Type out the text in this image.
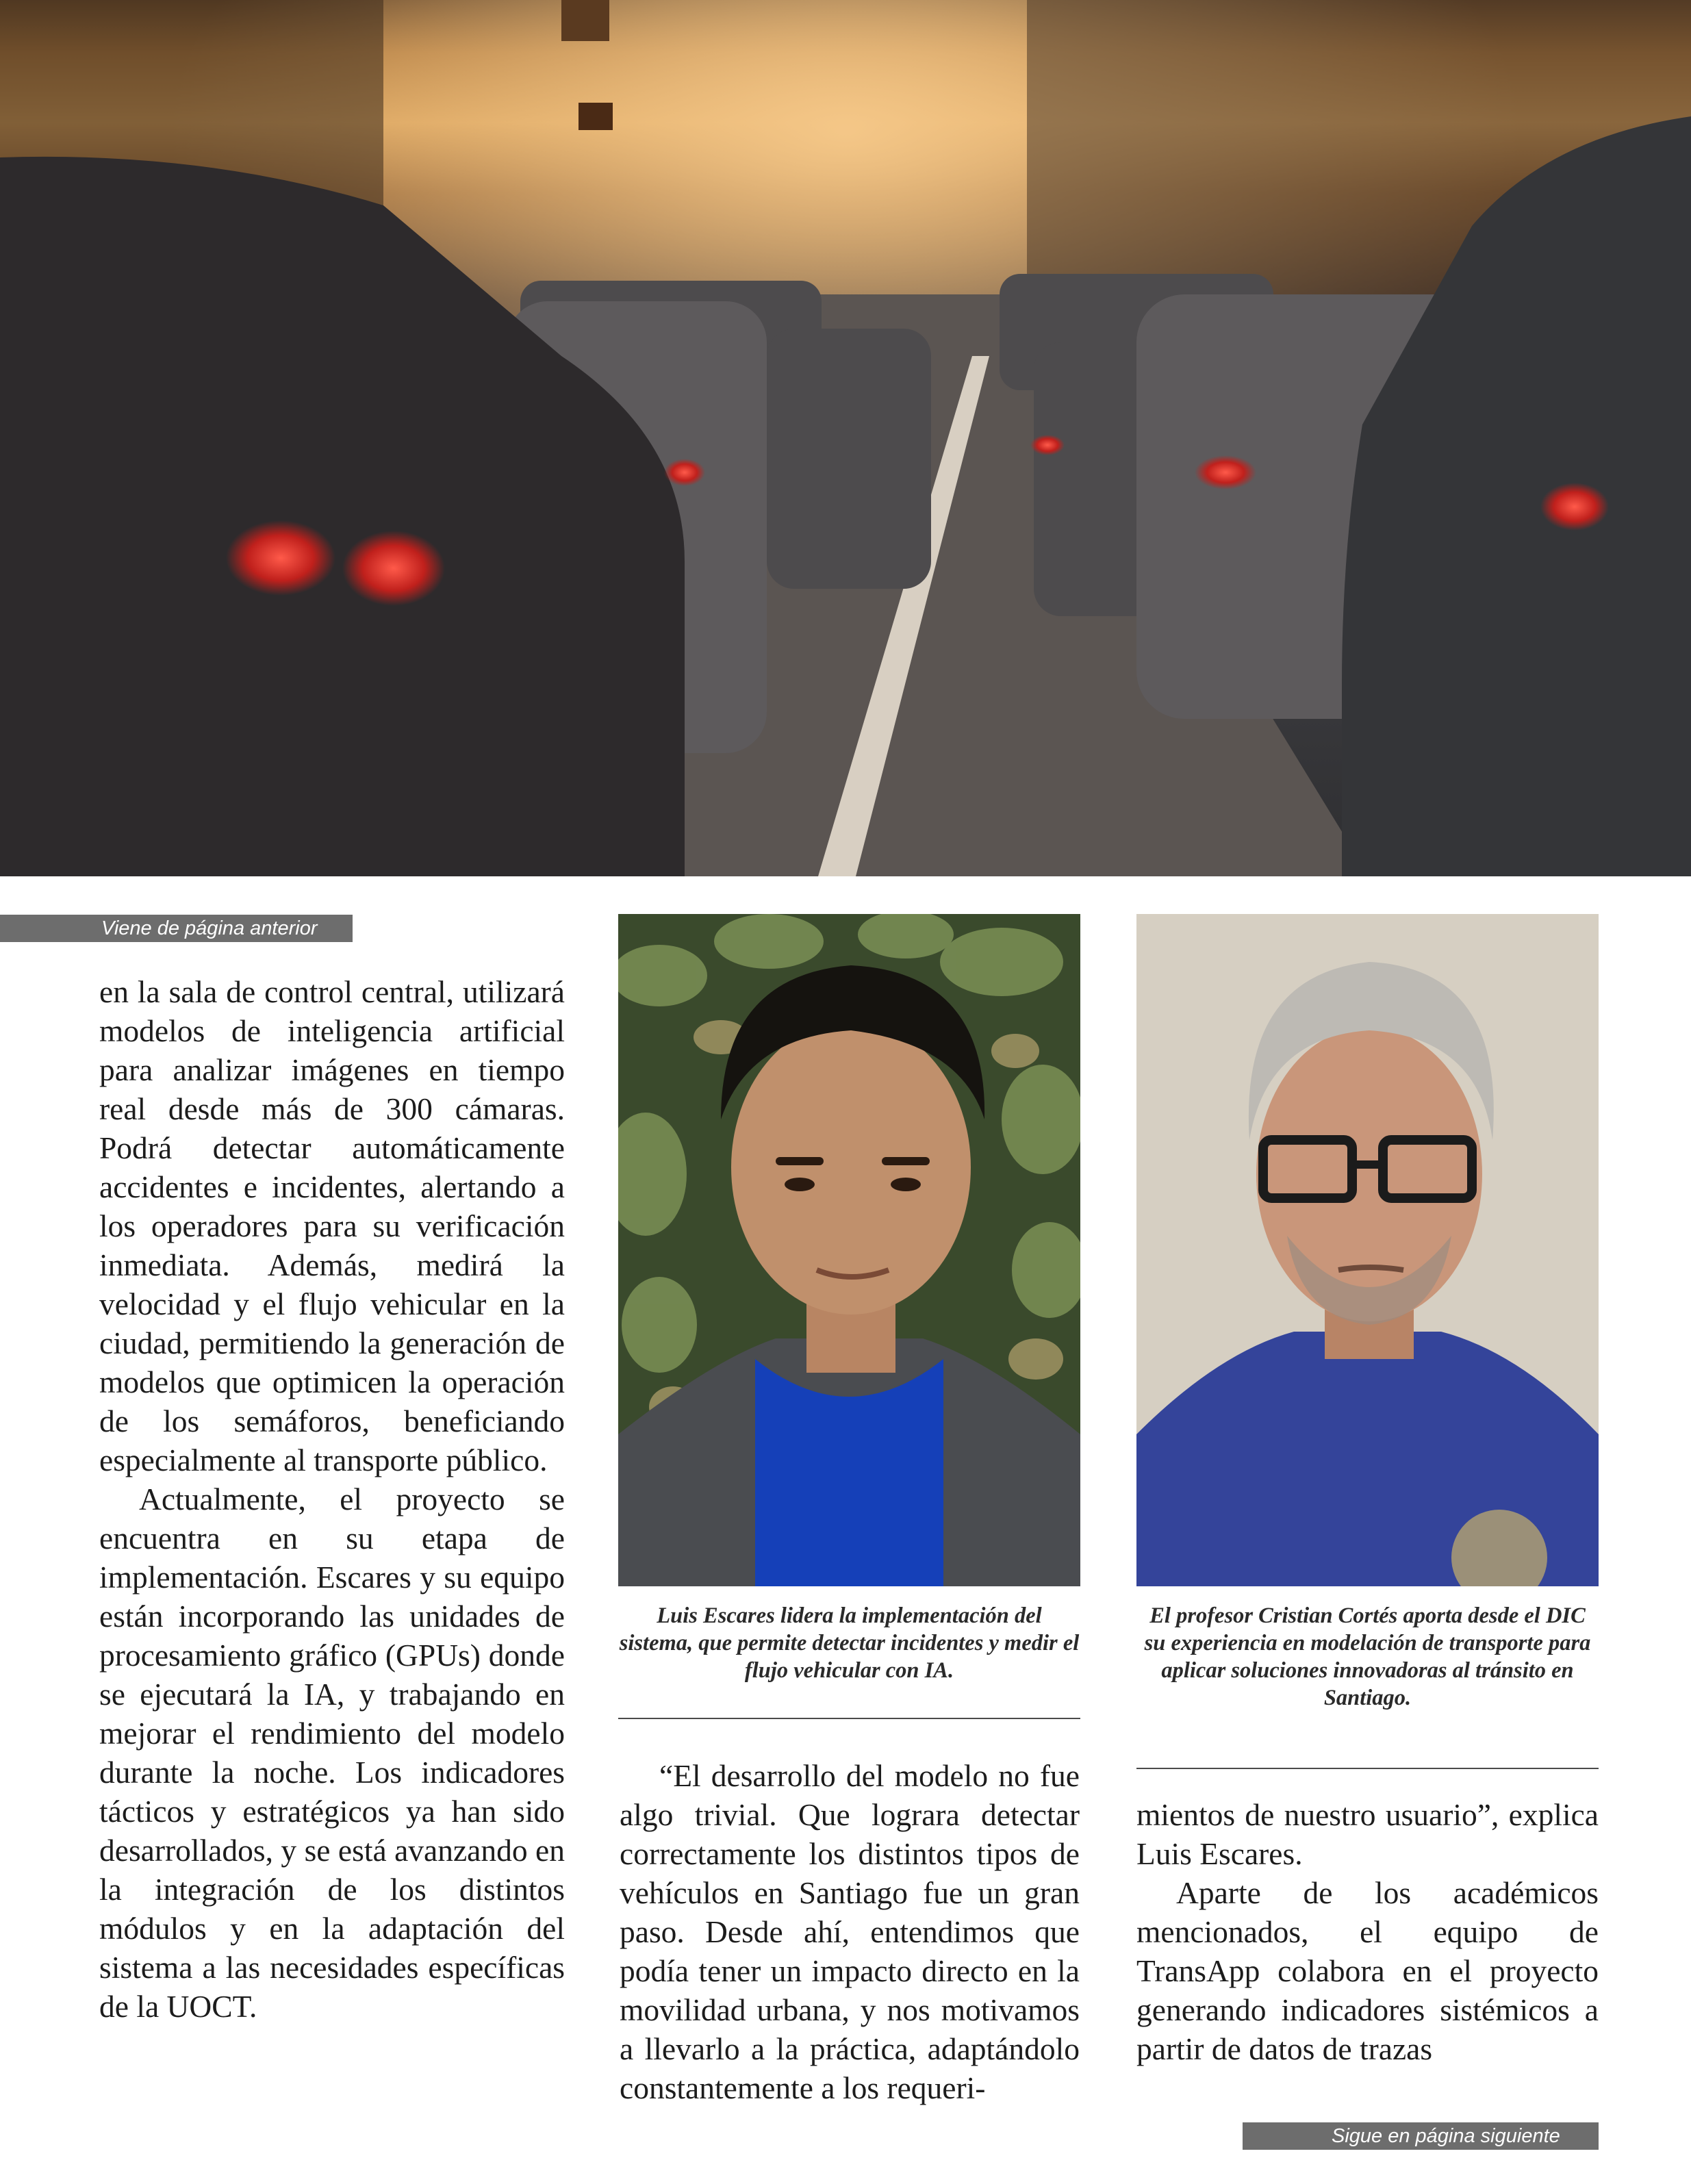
Viene de página anterior

en la sala de control central, utilizará modelos de inteligencia artificial para analizar imágenes en tiempo real desde más de 300 cámaras. Podrá detectar automáticamente accidentes e incidentes, alertando a los operadores para su verificación inmediata. Además, medirá la velocidad y el flujo vehicular en la ciudad, permitiendo la generación de modelos que optimicen la operación de los semáforos, beneficiando especialmente al transporte público.

Actualmente, el proyecto se encuentra en su etapa de implementación. Escares y su equipo están incorporando las unidades de procesamiento gráfico (GPUs) donde se ejecutará la IA, y trabajando en mejorar el rendimiento del modelo durante la noche. Los indicadores tácticos y estratégicos ya han sido desarrollados, y se está avanzando en la integración de los distintos módulos y en la adaptación del sistema a las necesidades específicas de la UOCT.

Luis Escares lidera la implementación del sistema, que permite detectar incidentes y medir el flujo vehicular con IA.

El profesor Cristian Cortés aporta desde el DIC su experiencia en modelación de transporte para aplicar soluciones innovadoras al tránsito en Santiago.

“El desarrollo del modelo no fue algo trivial. Que lograra detectar correctamente los distintos tipos de vehículos en Santiago fue un gran paso. Desde ahí, entendimos que podía tener un impacto directo en la movilidad urbana, y nos motivamos a llevarlo a la práctica, adaptándolo constantemente a los requeri-

mientos de nuestro usuario”, explica Luis Escares.

Aparte de los académicos mencionados, el equipo de TransApp colabora en el proyecto generando indicadores sistémicos a partir de datos de trazas

Sigue en página siguiente
